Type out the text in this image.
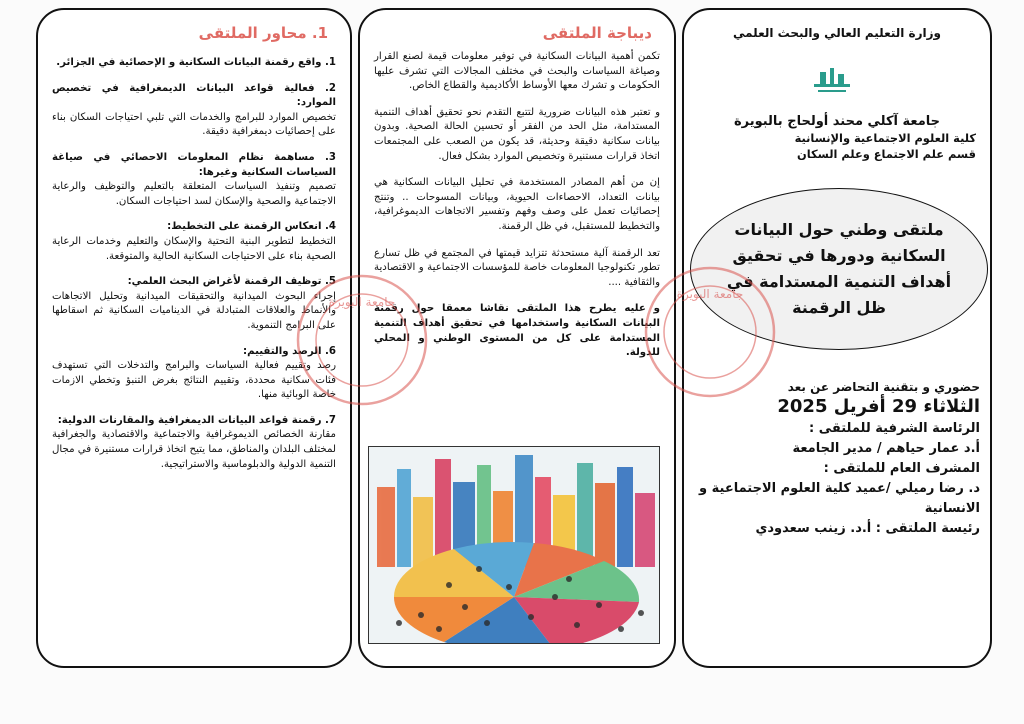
1. محاور الملتقى
1. واقع رقمنة البيانات السكانية و الإحصائية في الجزائر.
2. فعالية قواعد البيانات الديمغرافية في تخصيص الموارد:
تخصيص الموارد للبرامج والخدمات التي تلبي احتياجات السكان بناء على إحصائيات ديمغرافية دقيقة.
3. مساهمة نظام المعلومات الاحصائي في صياغة السياسات السكانية وغيرها:
تصميم وتنفيذ السياسات المتعلقة بالتعليم والتوظيف والرعاية الاجتماعية والصحية والإسكان لسد احتياجات السكان.
4. انعكاس الرقمنة على التخطيط:
التخطيط لتطوير البنية التحتية والإسكان والتعليم وخدمات الرعاية الصحية بناء على الاحتياجات السكانية الحالية والمتوقعة.
5. توظيف الرقمنة لأغراض البحث العلمي:
إجراء البحوث الميدانية والتحقيقات الميدانية وتحليل الاتجاهات والأنماط والعلاقات المتبادلة في الديناميات السكانية ثم اسقاطها على البرامج التنموية.
6. الرصد والتقييم:
رصد وتقييم فعالية السياسات والبرامج والتدخلات التي تستهدف فئات سكانية محددة، وتقييم النتائج بغرض التنبؤ وتخطي الازمات خاصة الوبائية منها.
7. رقمنة قواعد البيانات الديمغرافية والمقارنات الدولية:
مقارنة الخصائص الديموغرافية والاجتماعية والاقتصادية والجغرافية لمختلف البلدان والمناطق، مما يتيح اتخاذ قرارات مستنيرة في مجال التنمية الدولية والدبلوماسية والاستراتيجية.
ديباجة الملتقى
تكمن أهمية البيانات السكانية في توفير معلومات قيمة لصنع القرار وصياغة السياسات والبحث في مختلف المجالات التي تشرف عليها الحكومات و تشرك معها الأوساط الأكاديمية والقطاع الخاص.
و تعتبر هذه البيانات ضرورية لتتبع التقدم نحو تحقيق أهداف التنمية المستدامة، مثل الحد من الفقر أو تحسين الحالة الصحية. وبدون بيانات سكانية دقيقة وحديثة، قد يكون من الصعب على المجتمعات اتخاذ قرارات مستنيرة وتخصيص الموارد بشكل فعال.
إن من أهم المصادر المستخدمة في تحليل البيانات السكانية هي بيانات التعداد، الاحصاءات الحيوية، وبيانات المسوحات .. وتنتج إحصائيات تعمل على وصف وفهم وتفسير الاتجاهات الديموغرافية، والتخطيط للمستقبل، في ظل الرقمنة.
تعد الرقمنة آلية مستحدثة تتزايد قيمتها في المجتمع في ظل تسارع تطور تكنولوجيا المعلومات خاصة للمؤسسات الاجتماعية و الاقتصادية والثقافية ....
و عليه يطرح هذا الملتقى نقاشا معمقا حول رقمنة البيانات السكانية واستخدامها في تحقيق أهداف التنمية المستدامة على كل من المستوى الوطني و المحلي للدولة.
وزارة التعليم العالي والبحث العلمي
جامعة آكلي محند أولحاج بالبويرة
كلية العلوم الاجتماعية والإنسانية
قسم علم الاجتماع وعلم السكان
ملتقى وطني حول البيانات السكانية ودورها في تحقيق أهداف التنمية المستدامة في ظل الرقمنة
حضوري و بتقنية التحاضر عن بعد
الثلاثاء 29 أفريل 2025
الرئاسة الشرفية للملتقى :
أ.د عمار حياهم / مدير الجامعة
المشرف العام للملتقى :
د. رضا رميلي /عميد كلية العلوم الاجتماعية و الانسانية
رئيسة الملتقى : أ.د. زينب سعدودي
جامعة البويرة
جامعة البويرة
